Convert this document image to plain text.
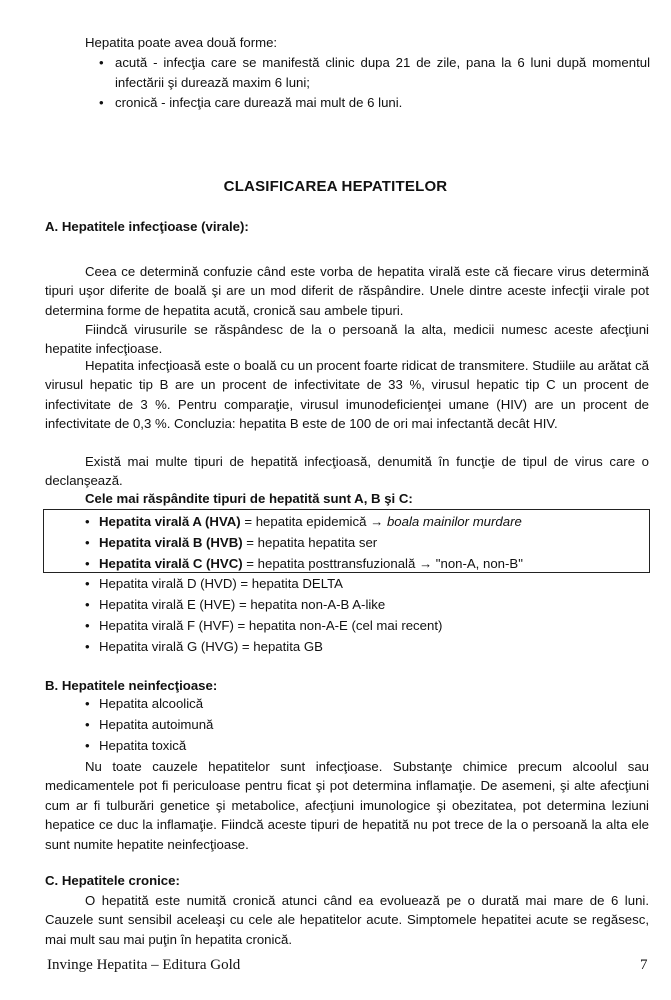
Hepatita poate avea două forme:
• acută - infecţia care se manifestă clinic dupa 21 de zile, pana la 6 luni după momentul infectării şi durează maxim 6 luni;
• cronică - infecţia care durează mai mult de 6 luni.
CLASIFICAREA HEPATITELOR
A. Hepatitele infecţioase (virale):
Ceea ce determină confuzie când este vorba de hepatita virală este că fiecare virus determină tipuri uşor diferite de boală şi are un mod diferit de răspândire. Unele dintre aceste infecţii virale pot determina forme de hepatita acută, cronică sau ambele tipuri.
Fiindcă virusurile se răspândesc de la o persoană la alta, medicii numesc aceste afecţiuni hepatite infecţioase.
Hepatita infecţioasă este o boală cu un procent foarte ridicat de transmitere. Studiile au arătat că virusul hepatic tip B are un procent de infectivitate de 33 %, virusul hepatic tip C un procent de infectivitate de 3 %. Pentru comparaţie, virusul imunodeficienţei umane (HIV) are un procent de infectivitate de 0,3 %. Concluzia: hepatita B este de 100 de ori mai infectantă decât HIV.
Există mai multe tipuri de hepatită infecţioasă, denumită în funcţie de tipul de virus care o declanşează.
Cele mai răspândite tipuri de hepatită sunt A, B şi C:
• Hepatita virală A (HVA) = hepatita epidemică → boala mainilor murdare
• Hepatita virală B (HVB) = hepatita hepatita ser
• Hepatita virală C (HVC) = hepatita posttransfuzională → "non-A, non-B"
• Hepatita virală D (HVD) = hepatita DELTA
• Hepatita virală E (HVE) = hepatita non-A-B A-like
• Hepatita virală F (HVF) = hepatita non-A-E (cel mai recent)
• Hepatita virală G (HVG) = hepatita GB
B. Hepatitele neinfecţioase:
• Hepatita alcoolică
• Hepatita autoimună
• Hepatita toxică
Nu toate cauzele hepatitelor sunt infecţioase. Substanţe chimice precum alcoolul sau medicamentele pot fi periculoase pentru ficat şi pot determina inflamaţie. De asemeni, şi alte afecţiuni cum ar fi tulburări genetice şi metabolice, afecţiuni imunologice şi obezitatea, pot determina leziuni hepatice ce duc la inflamaţie. Fiindcă aceste tipuri de hepatită nu pot trece de la o persoană la alta ele sunt numite hepatite neinfecţioase.
C. Hepatitele cronice:
O hepatită este numită cronică atunci când ea evoluează pe o durată mai mare de 6 luni. Cauzele sunt sensibil aceleaşi cu cele ale hepatitelor acute. Simptomele hepatitei acute se regăsesc, mai mult sau mai puţin în hepatita cronică.
Invinge Hepatita – Editura Gold	7
